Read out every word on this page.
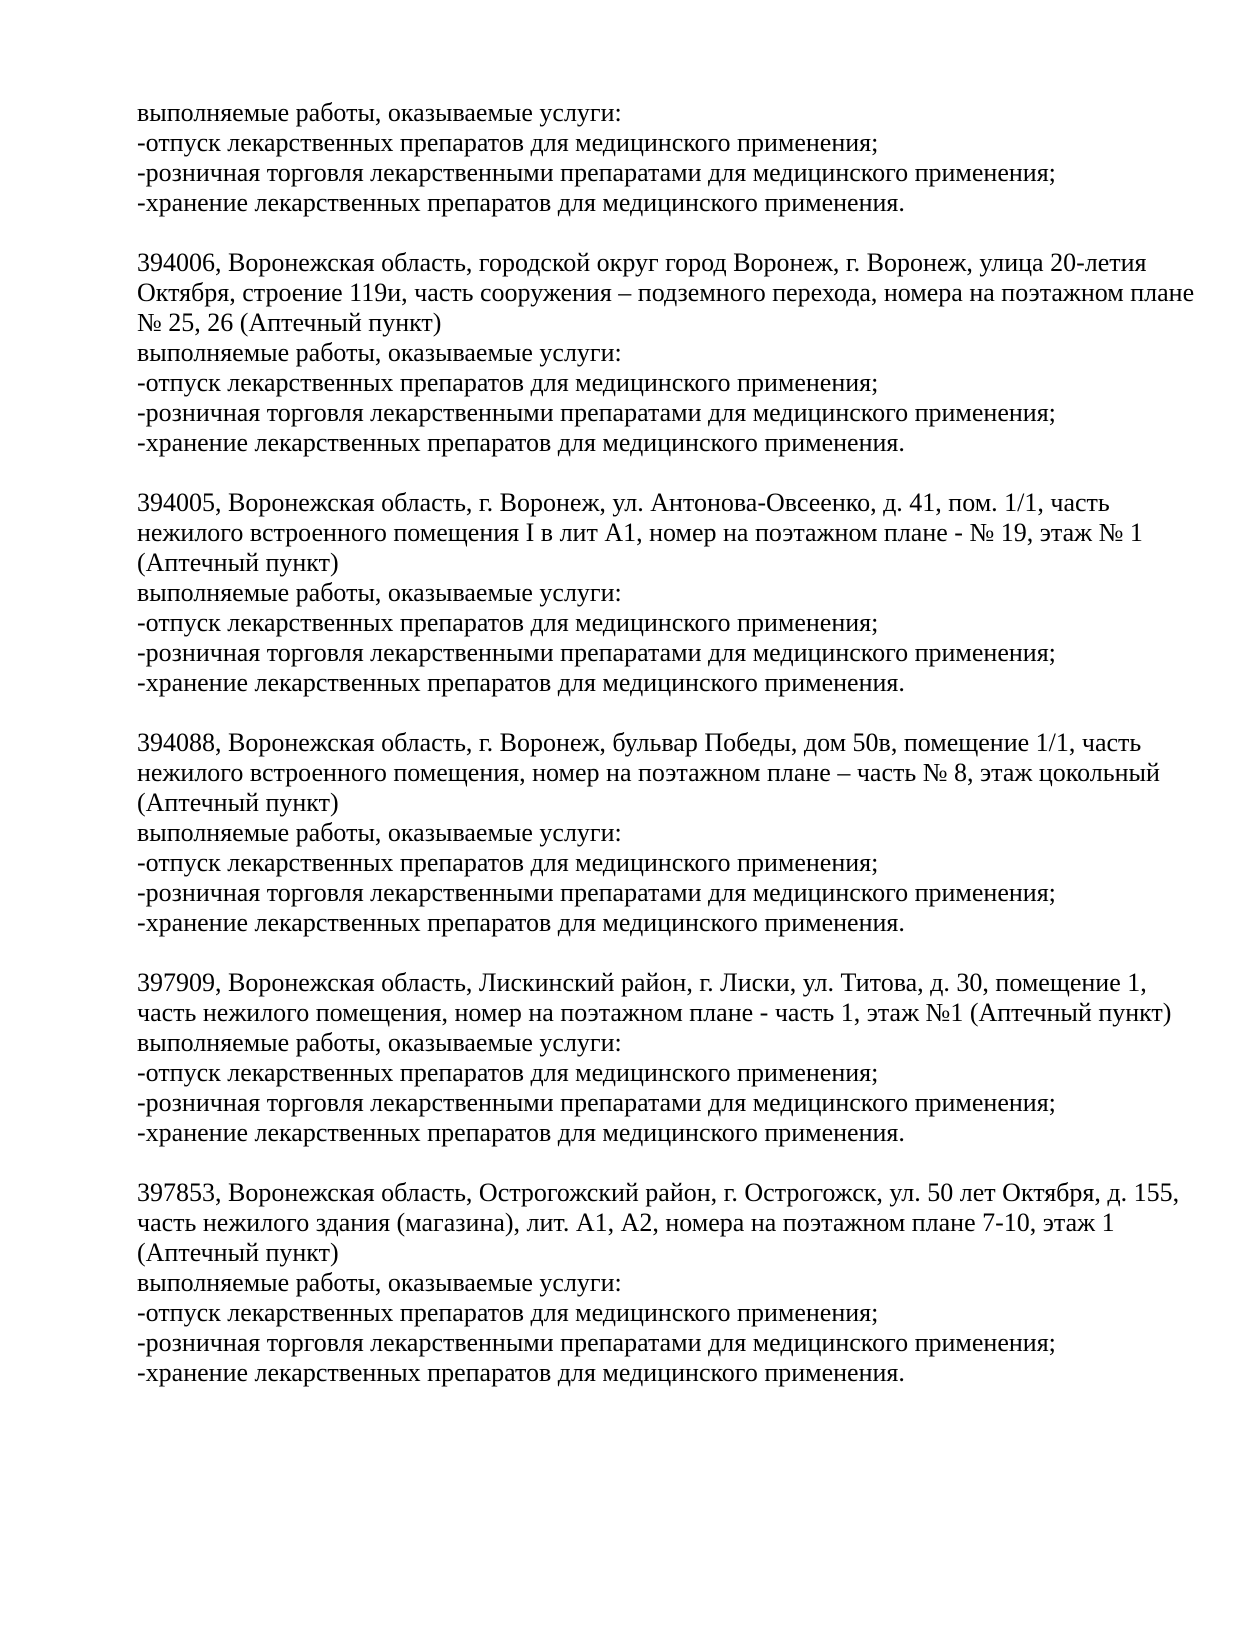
выполняемые работы, оказываемые услуги:
-отпуск лекарственных препаратов для медицинского применения;
-розничная торговля лекарственными препаратами для медицинского применения;
-хранение лекарственных препаратов для медицинского применения.
394006, Воронежская область, городской округ город Воронеж, г. Воронеж, улица 20-летия
Октября, строение 119и, часть сооружения – подземного перехода, номера на поэтажном плане
№ 25, 26 (Аптечный пункт)
выполняемые работы, оказываемые услуги:
-отпуск лекарственных препаратов для медицинского применения;
-розничная торговля лекарственными препаратами для медицинского применения;
-хранение лекарственных препаратов для медицинского применения.
394005, Воронежская область, г. Воронеж, ул. Антонова-Овсеенко, д. 41, пом. 1/1, часть
нежилого встроенного помещения I в лит А1, номер на поэтажном плане - № 19, этаж № 1
(Аптечный пункт)
выполняемые работы, оказываемые услуги:
-отпуск лекарственных препаратов для медицинского применения;
-розничная торговля лекарственными препаратами для медицинского применения;
-хранение лекарственных препаратов для медицинского применения.
394088, Воронежская область, г. Воронеж, бульвар Победы, дом 50в, помещение 1/1, часть
нежилого встроенного помещения, номер на поэтажном плане – часть № 8, этаж цокольный
(Аптечный пункт)
выполняемые работы, оказываемые услуги:
-отпуск лекарственных препаратов для медицинского применения;
-розничная торговля лекарственными препаратами для медицинского применения;
-хранение лекарственных препаратов для медицинского применения.
397909, Воронежская область, Лискинский район, г. Лиски, ул. Титова, д. 30, помещение 1,
часть нежилого помещения, номер на поэтажном плане - часть 1, этаж №1 (Аптечный пункт)
выполняемые работы, оказываемые услуги:
-отпуск лекарственных препаратов для медицинского применения;
-розничная торговля лекарственными препаратами для медицинского применения;
-хранение лекарственных препаратов для медицинского применения.
397853, Воронежская область, Острогожский район, г. Острогожск, ул. 50 лет Октября, д. 155,
часть нежилого здания (магазина), лит. А1, А2, номера на поэтажном плане 7-10, этаж 1
(Аптечный пункт)
выполняемые работы, оказываемые услуги:
-отпуск лекарственных препаратов для медицинского применения;
-розничная торговля лекарственными препаратами для медицинского применения;
-хранение лекарственных препаратов для медицинского применения.
